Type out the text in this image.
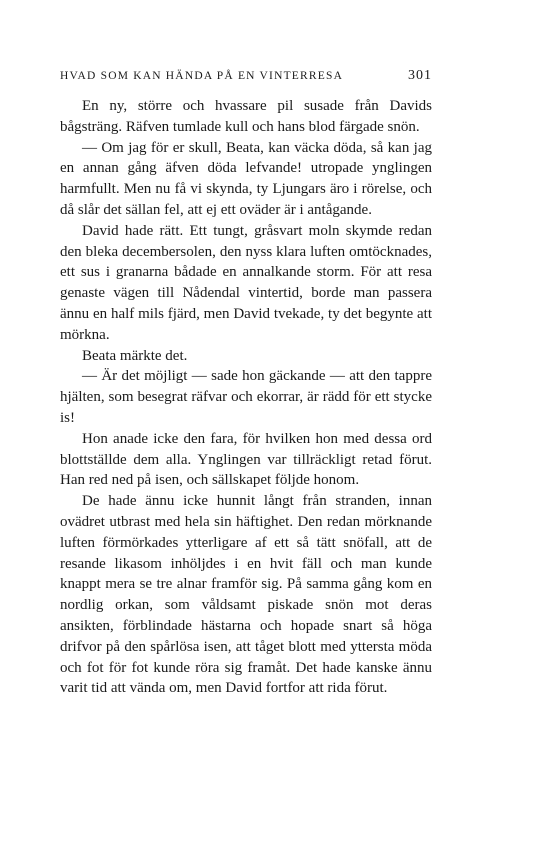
HVAD SOM KAN HÄNDA PÅ EN VINTERRESA	301

En ny, större och hvassare pil susade från Davids bågsträng. Räfven tumlade kull och hans blod färgade snön.

— Om jag för er skull, Beata, kan väcka döda, så kan jag en annan gång äfven döda lefvande! utropade ynglingen harmfullt. Men nu få vi skynda, ty Ljungars äro i rörelse, och då slår det sällan fel, att ej ett oväder är i antågande.

David hade rätt. Ett tungt, gråsvart moln skymde redan den bleka decembersolen, den nyss klara luften omtöcknades, ett sus i granarna bådade en annalkande storm. För att resa genaste vägen till Nådendal vintertid, borde man passera ännu en half mils fjärd, men David tvekade, ty det begynte att mörkna.

Beata märkte det.

— Är det möjligt — sade hon gäckande — att den tappre hjälten, som besegrat räfvar och ekorrar, är rädd för ett stycke is!

Hon anade icke den fara, för hvilken hon med dessa ord blottställde dem alla. Ynglingen var tillräckligt retad förut. Han red ned på isen, och sällskapet följde honom.

De hade ännu icke hunnit långt från stranden, innan ovädret utbrast med hela sin häftighet. Den redan mörknande luften förmörkades ytterligare af ett så tätt snöfall, att de resande likasom inhöljdes i en hvit fäll och man kunde knappt mera se tre alnar framför sig. På samma gång kom en nordlig orkan, som våldsamt piskade snön mot deras ansikten, förblindade hästarna och hopade snart så höga drifvor på den spårlösa isen, att tåget blott med yttersta möda och fot för fot kunde röra sig framåt. Det hade kanske ännu varit tid att vända om, men David fortfor att rida förut.
